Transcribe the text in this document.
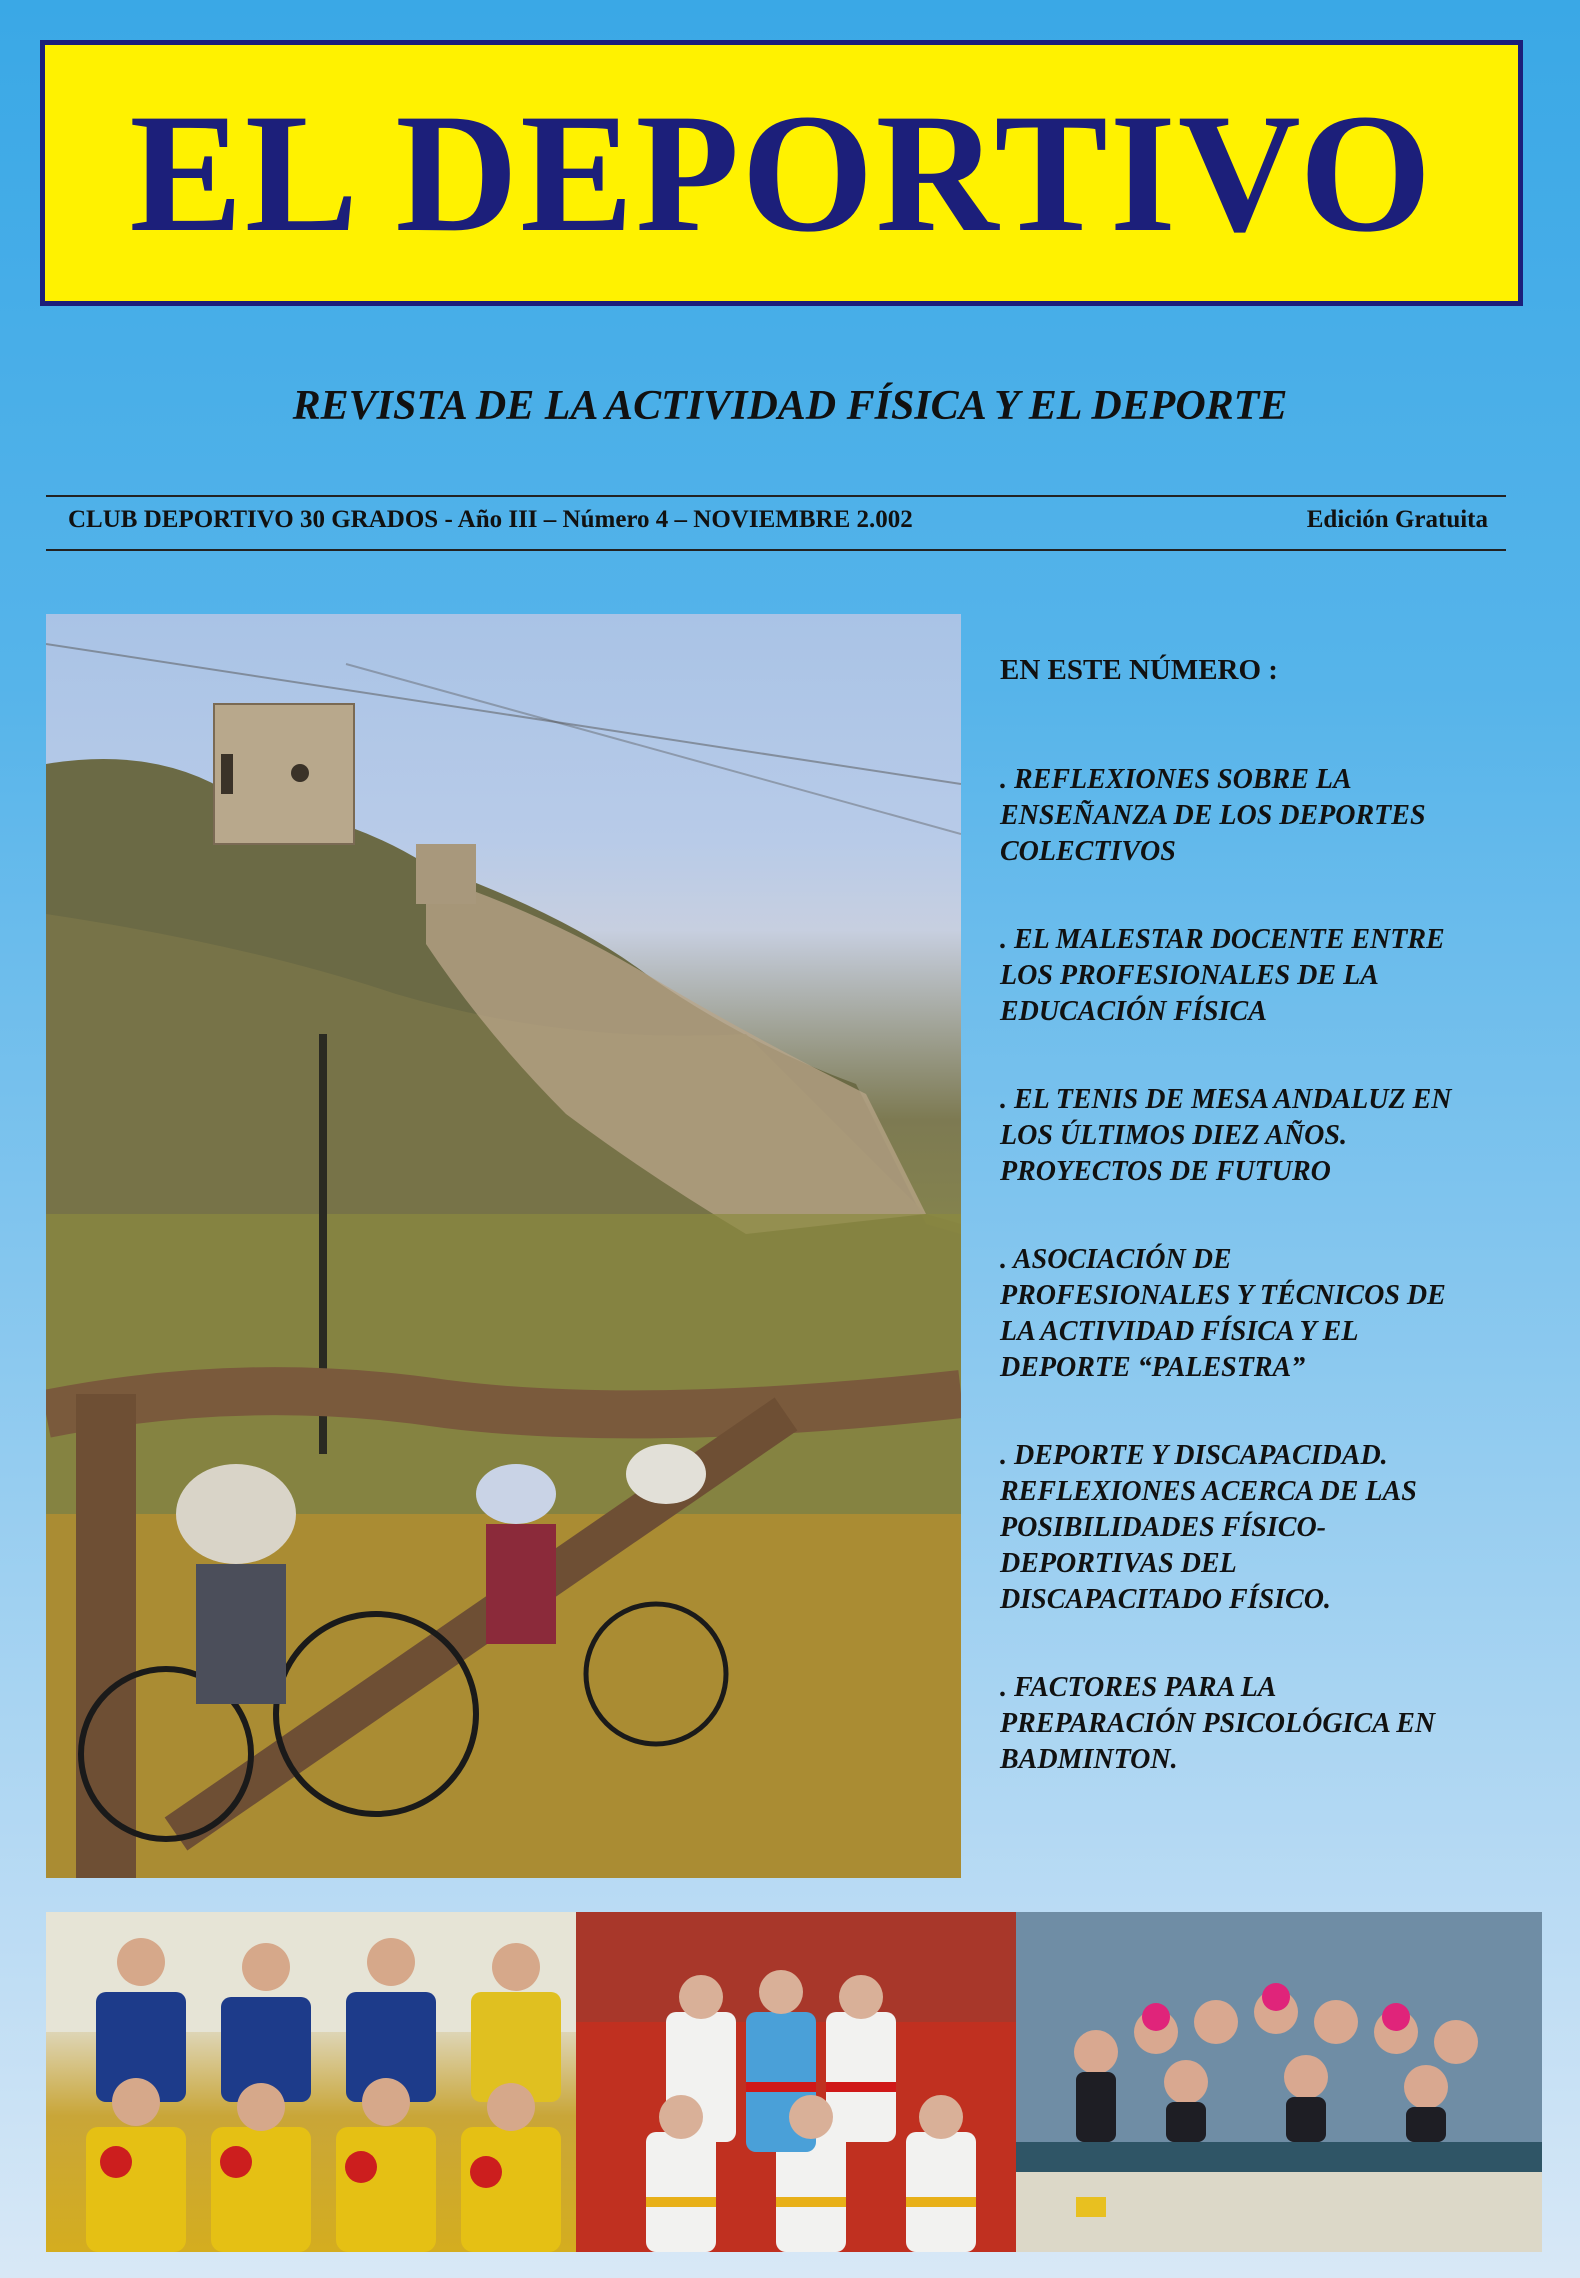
EL DEPORTIVO
REVISTA DE LA ACTIVIDAD FÍSICA Y EL DEPORTE
CLUB DEPORTIVO 30 GRADOS - Año III – Número 4 – NOVIEMBRE 2.002	Edición Gratuita
EN ESTE NÚMERO :
. REFLEXIONES SOBRE LA
ENSEÑANZA DE LOS DEPORTES
COLECTIVOS
. EL MALESTAR DOCENTE ENTRE
LOS PROFESIONALES DE LA
EDUCACIÓN FÍSICA
. EL TENIS DE MESA ANDALUZ EN
LOS ÚLTIMOS DIEZ AÑOS.
PROYECTOS DE FUTURO
. ASOCIACIÓN DE
PROFESIONALES Y TÉCNICOS DE
LA ACTIVIDAD FÍSICA Y EL
DEPORTE “PALESTRA”
. DEPORTE Y DISCAPACIDAD.
REFLEXIONES ACERCA DE LAS
POSIBILIDADES FÍSICO-
DEPORTIVAS DEL
DISCAPACITADO FÍSICO.
. FACTORES PARA LA
PREPARACIÓN PSICOLÓGICA EN
BADMINTON.
